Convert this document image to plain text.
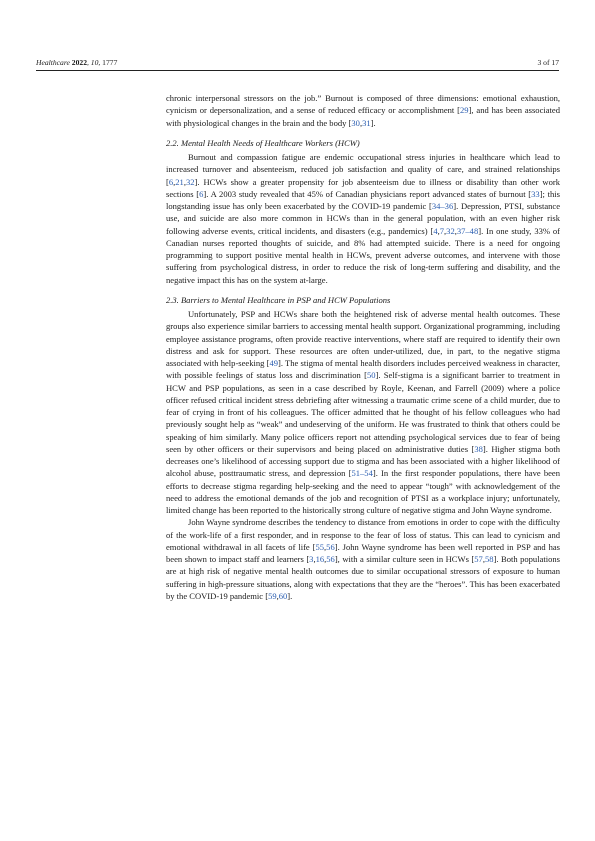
Healthcare 2022, 10, 1777	3 of 17

chronic interpersonal stressors on the job.” Burnout is composed of three dimensions: emotional exhaustion, cynicism or depersonalization, and a sense of reduced efficacy or accomplishment [29], and has been associated with physiological changes in the brain and the body [30,31].

2.2. Mental Health Needs of Healthcare Workers (HCW)

Burnout and compassion fatigue are endemic occupational stress injuries in healthcare which lead to increased turnover and absenteeism, reduced job satisfaction and quality of care, and strained relationships [6,21,32]. HCWs show a greater propensity for job absenteeism due to illness or disability than other work sections [6]. A 2003 study revealed that 45% of Canadian physicians report advanced states of burnout [33]; this longstanding issue has only been exacerbated by the COVID-19 pandemic [34–36]. Depression, PTSI, substance use, and suicide are also more common in HCWs than in the general population, with an even higher risk following adverse events, critical incidents, and disasters (e.g., pandemics) [4,7,32,37–48]. In one study, 33% of Canadian nurses reported thoughts of suicide, and 8% had attempted suicide. There is a need for ongoing programming to support positive mental health in HCWs, prevent adverse outcomes, and intervene with those suffering from psychological distress, in order to reduce the risk of long-term suffering and disability, and the negative impact this has on the system at-large.

2.3. Barriers to Mental Healthcare in PSP and HCW Populations

Unfortunately, PSP and HCWs share both the heightened risk of adverse mental health outcomes. These groups also experience similar barriers to accessing mental health support. Organizational programming, including employee assistance programs, often provide reactive interventions, where staff are required to identify their own distress and ask for support. These resources are often under-utilized, due, in part, to the negative stigma associated with help-seeking [49]. The stigma of mental health disorders includes perceived weakness in character, with possible feelings of status loss and discrimination [50]. Self-stigma is a significant barrier to treatment in HCW and PSP populations, as seen in a case described by Royle, Keenan, and Farrell (2009) where a police officer refused critical incident stress debriefing after witnessing a traumatic crime scene of a child murder, due to fear of crying in front of his colleagues. The officer admitted that he thought of his fellow colleagues who had previously sought help as “weak” and undeserving of the uniform. He was frustrated to think that others could be speaking of him similarly. Many police officers report not attending psychological services due to fear of being seen by other officers or their supervisors and being placed on administrative duties [38]. Higher stigma both decreases one’s likelihood of accessing support due to stigma and has been associated with a higher likelihood of alcohol abuse, posttraumatic stress, and depression [51–54]. In the first responder populations, there have been efforts to decrease stigma regarding help-seeking and the need to appear “tough” with acknowledgement of the need to address the emotional demands of the job and recognition of PTSI as a workplace injury; unfortunately, limited change has been reported to the historically strong culture of negative stigma and John Wayne syndrome.

John Wayne syndrome describes the tendency to distance from emotions in order to cope with the difficulty of the work-life of a first responder, and in response to the fear of loss of status. This can lead to cynicism and emotional withdrawal in all facets of life [55,56]. John Wayne syndrome has been well reported in PSP and has been shown to impact staff and learners [3,16,56], with a similar culture seen in HCWs [57,58]. Both populations are at high risk of negative mental health outcomes due to similar occupational stressors of exposure to human suffering in high-pressure situations, along with expectations that they are the “heroes”. This has been exacerbated by the COVID-19 pandemic [59,60].
